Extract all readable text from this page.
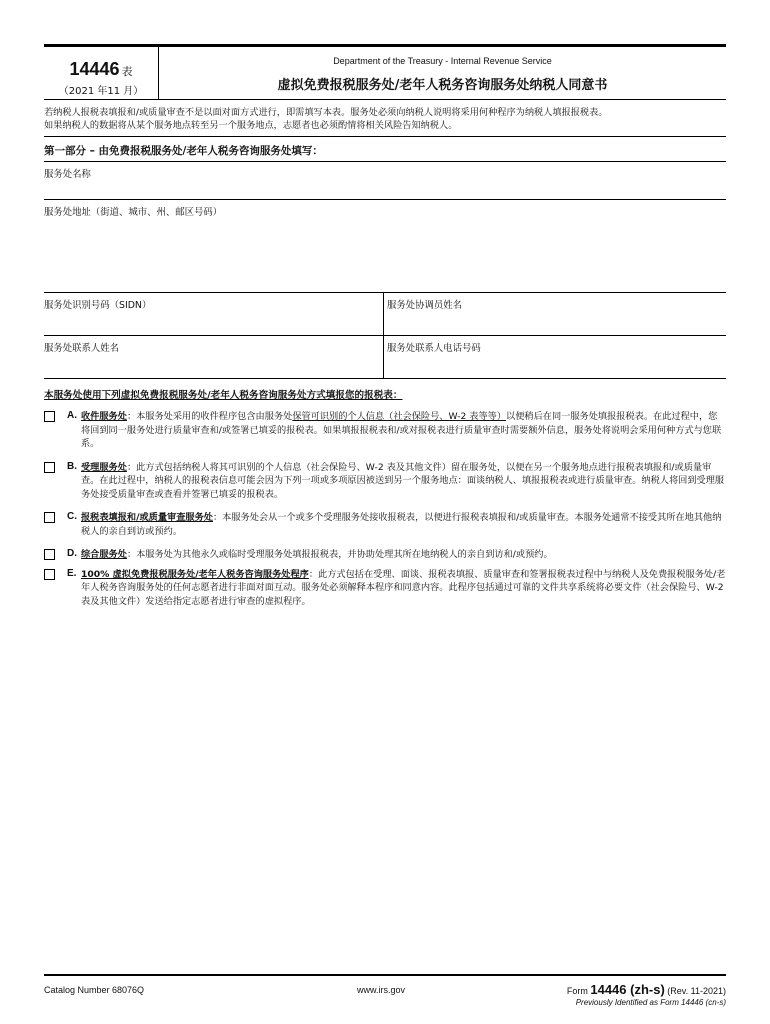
14446 表
（2021 年11 月）
Department of the Treasury - Internal Revenue Service
虚拟免费报税服务处/老年人税务咨询服务处纳税人同意书
若纳税人报税表填报和/或质量审查不是以面对面方式进行，即需填写本表。服务处必须向纳税人说明将采用何种程序为纳税人填报报税表。
如果纳税人的数据将从某个服务地点转至另一个服务地点，志愿者也必须酌情将相关风险告知纳税人。
第一部分 – 由免费报税服务处/老年人税务咨询服务处填写：
服务处名称
服务处地址（街道、城市、州、邮区号码）
服务处识别号码（SIDN）	服务处协调员姓名
服务处联系人姓名	服务处联系人电话号码
本服务处使用下列虚拟免费报税服务处/老年人税务咨询服务处方式填报您的报税表：
A. 收件服务处：本服务处采用的收件程序包含由服务处保管可识别的个人信息（社会保险号、W-2 表等等）以便稍后在同一服务处填报报税表。在此过程中，您将回到同一服务处进行质量审查和/或签署已填妥的报税表。如果填报报税表和/或对报税表进行质量审查时需要额外信息，服务处将说明会采用何种方式与您联系。
B. 受理服务处：此方式包括纳税人将其可识别的个人信息（社会保险号、W-2 表及其他文件）留在服务处，以便在另一个服务地点进行报税表填报和/或质量审查。在此过程中，纳税人的报税表信息可能会因为下列一项或多项原因被送到另一个服务地点：面谈纳税人、填报报税表或进行质量审查。纳税人将回到受理服务处接受质量审查或查看并签署已填妥的报税表。
C. 报税表填报和/或质量审查服务处：本服务处会从一个或多个受理服务处接收报税表，以便进行报税表填报和/或质量审查。本服务处通常不接受其所在地其他纳税人的亲自到访或预约。
D. 综合服务处：本服务处为其他永久或临时受理服务处填报报税表，并协助处理其所在地纳税人的亲自到访和/或预约。
E. 100% 虚拟免费报税服务处/老年人税务咨询服务处程序：此方式包括在受理、面谈、报税表填报、质量审查和签署报税表过程中与纳税人及免费报税服务处/老年人税务咨询服务处的任何志愿者进行非面对面互动。服务处必须解释本程序和同意内容。此程序包括通过可靠的文件共享系统将必要文件（社会保险号、W-2 表及其他文件）发送给指定志愿者进行审查的虚拟程序。
Catalog Number 68076Q	www.irs.gov	Form 14446 (zh-s) (Rev. 11-2021)
Previously Identified as Form 14446 (cn-s)
